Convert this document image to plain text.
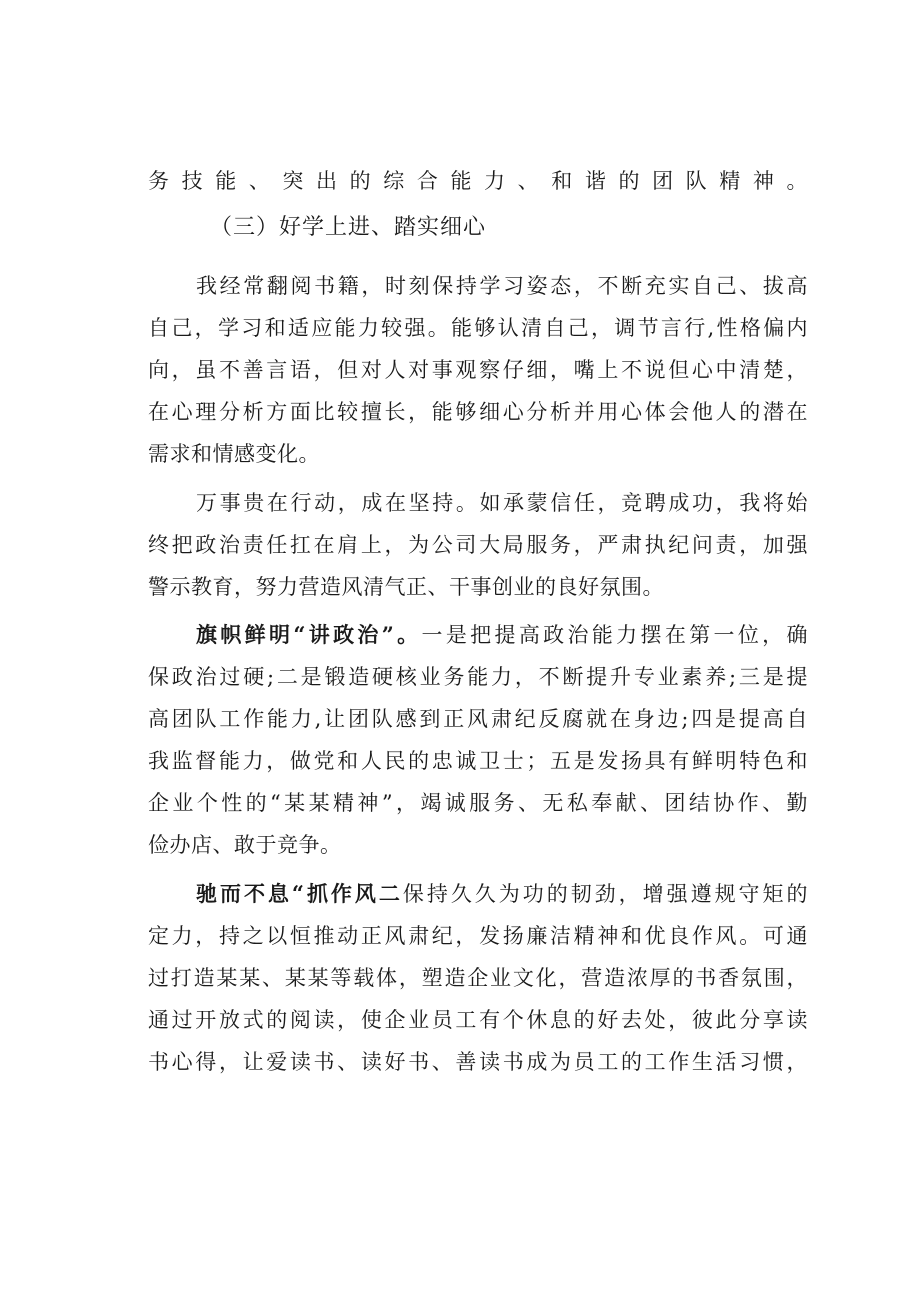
务技能、突出的综合能力、和谐的团队精神。
（三）好学上进、踏实细心
我经常翻阅书籍，时刻保持学习姿态，不断充实自己、拔高
自己，学习和适应能力较强。能够认清自己，调节言行,性格偏内
向，虽不善言语，但对人对事观察仔细，嘴上不说但心中清楚，
在心理分析方面比较擅长，能够细心分析并用心体会他人的潜在
需求和情感变化。
万事贵在行动，成在坚持。如承蒙信任，竞聘成功，我将始
终把政治责任扛在肩上，为公司大局服务，严肃执纪问责，加强
警示教育，努力营造风清气正、干事创业的良好氛围。
旗帜鲜明“讲政治”。一是把提高政治能力摆在第一位，确
保政治过硬;二是锻造硬核业务能力，不断提升专业素养;三是提
高团队工作能力,让团队感到正风肃纪反腐就在身边;四是提高自
我监督能力，做党和人民的忠诚卫士；五是发扬具有鲜明特色和
企业个性的“某某精神”，竭诚服务、无私奉献、团结协作、勤
俭办店、敢于竞争。
驰而不息“抓作风二保持久久为功的韧劲，增强遵规守矩的
定力，持之以恒推动正风肃纪，发扬廉洁精神和优良作风。可通
过打造某某、某某等载体，塑造企业文化，营造浓厚的书香氛围，
通过开放式的阅读，使企业员工有个休息的好去处，彼此分享读
书心得，让爱读书、读好书、善读书成为员工的工作生活习惯，
